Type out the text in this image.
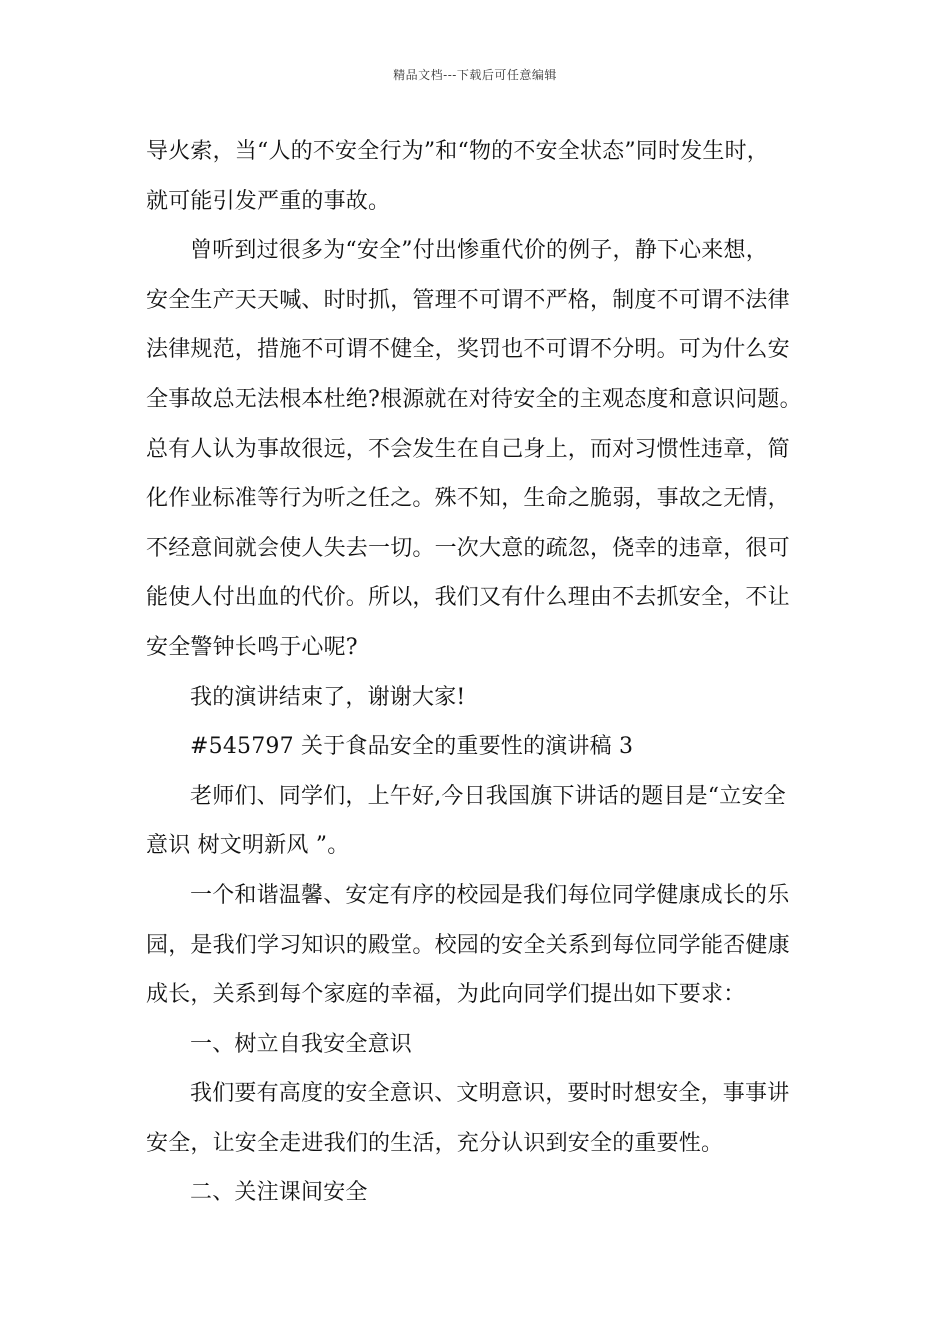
精品文档---下载后可任意编辑
导火索，当“人的不安全行为”和“物的不安全状态”同时发生时，
就可能引发严重的事故。
曾听到过很多为“安全”付出惨重代价的例子，静下心来想，
安全生产天天喊、时时抓，管理不可谓不严格，制度不可谓不法律
法律规范，措施不可谓不健全，奖罚也不可谓不分明。可为什么安
全事故总无法根本杜绝?根源就在对待安全的主观态度和意识问题。
总有人认为事故很远，不会发生在自己身上，而对习惯性违章，简
化作业标准等行为听之任之。殊不知，生命之脆弱，事故之无情，
不经意间就会使人失去一切。一次大意的疏忽，侥幸的违章，很可
能使人付出血的代价。所以，我们又有什么理由不去抓安全，不让
安全警钟长鸣于心呢?
我的演讲结束了，谢谢大家!
#545797 关于食品安全的重要性的演讲稿 3
老师们、同学们，上午好,今日我国旗下讲话的题目是“立安全
意识 树文明新风 ”。
一个和谐温馨、安定有序的校园是我们每位同学健康成长的乐
园，是我们学习知识的殿堂。校园的安全关系到每位同学能否健康
成长，关系到每个家庭的幸福，为此向同学们提出如下要求：
一、树立自我安全意识
我们要有高度的安全意识、文明意识，要时时想安全，事事讲
安全，让安全走进我们的生活，充分认识到安全的重要性。
二、关注课间安全
